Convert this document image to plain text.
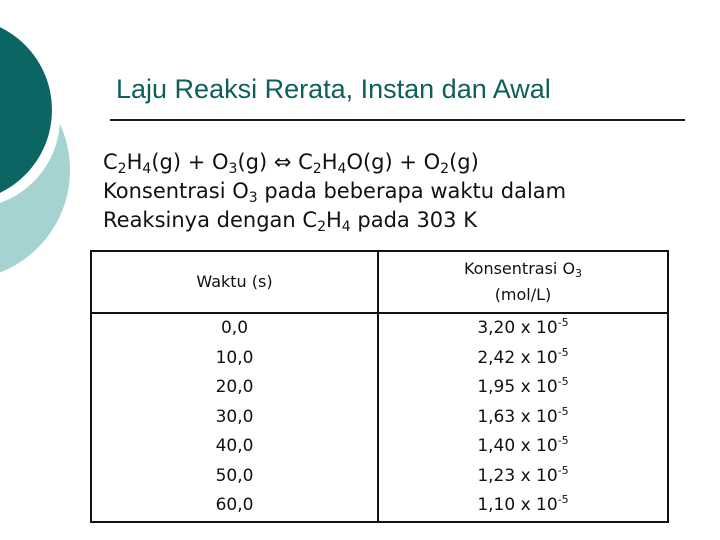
Laju Reaksi Rerata, Instan dan Awal
$C_2H_4(g) + O_3(g)$ ⇔ $C_2H_4O(g) + O_2(g)$
Konsentrasi $O_3$ pada beberapa waktu dalam
Reaksinya dengan $C_2H_4$ pada 303 K
Waktu (s)	Konsentrasi $O_3$
(mol/L)
0,0	3,20 x $10^{-5}$
10,0	2,42 x $10^{-5}$
20,0	1,95 x $10^{-5}$
30,0	1,63 x $10^{-5}$
40,0	1,40 x $10^{-5}$
50,0	1,23 x $10^{-5}$
60,0	1,10 x $10^{-5}$
